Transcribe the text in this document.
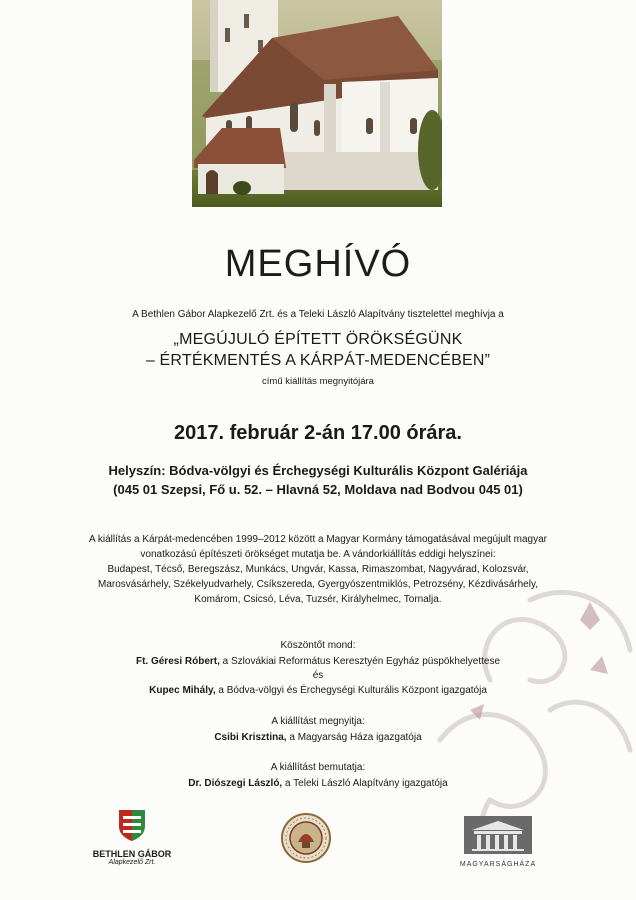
MEGHÍVÓ
A Bethlen Gábor Alapkezelő Zrt. és a Teleki László Alapítvány tisztelettel meghívja a
„MEGÚJULÓ ÉPÍTETT ÖRÖKSÉGÜNK
– ÉRTÉKMENTÉS A KÁRPÁT-MEDENCÉBEN”
című kiállítás megnyitójára
2017. február 2-án 17.00 órára.
Helyszín: Bódva-völgyi és Érchegységi Kulturális Központ Galériája
(045 01 Szepsi, Fő u. 52. – Hlavná 52, Moldava nad Bodvou 045 01)
A kiállítás a Kárpát-medencében 1999–2012 között a Magyar Kormány támogatásával megújult magyar
vonatkozású építészeti örökséget mutatja be. A vándorkiállítás eddigi helyszínei:
Budapest, Técső, Beregszász, Munkács, Ungvár, Kassa, Rimaszombat, Nagyvárad, Kolozsvár,
Marosvásárhely, Székelyudvarhely, Csíkszereda, Gyergyószentmiklós, Petrozsény, Kézdivásárhely,
Komárom, Csicsó, Léva, Tuzsér, Királyhelmec, Tornalja.
Köszöntőt mond:
Ft. Géresi Róbert, a Szlovákiai Református Keresztyén Egyház püspökhelyettese
és
Kupec Mihály, a Bódva-völgyi és Érchegységi Kulturális Központ igazgatója
A kiállítást megnyitja:
Csibi Krisztina, a Magyarság Háza igazgatója
A kiállítást bemutatja:
Dr. Diószegi László, a Teleki László Alapítvány igazgatója
BETHLEN GÁBOR
Alapkezelő Zrt.	MAGYARSÁGHÁZA
